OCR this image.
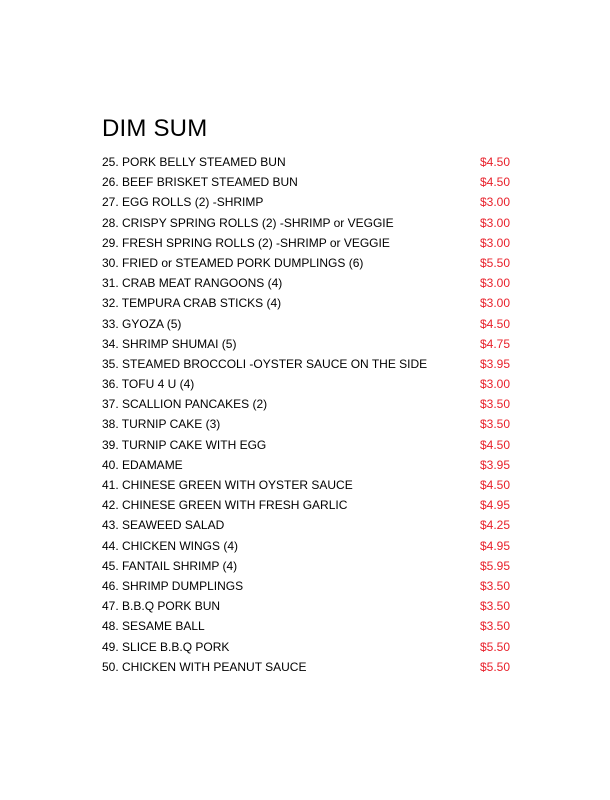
DIM SUM
25. PORK BELLY STEAMED BUN	$4.50
26. BEEF BRISKET STEAMED BUN	$4.50
27. EGG ROLLS (2) -SHRIMP	$3.00
28. CRISPY SPRING ROLLS (2) -SHRIMP or VEGGIE	$3.00
29. FRESH SPRING ROLLS (2) -SHRIMP or VEGGIE	$3.00
30. FRIED or STEAMED PORK DUMPLINGS (6)	$5.50
31. CRAB MEAT RANGOONS (4)	$3.00
32. TEMPURA CRAB STICKS (4)	$3.00
33. GYOZA (5)	$4.50
34. SHRIMP SHUMAI (5)	$4.75
35. STEAMED BROCCOLI -OYSTER SAUCE ON THE SIDE	$3.95
36. TOFU 4 U (4)	$3.00
37. SCALLION PANCAKES (2)	$3.50
38. TURNIP CAKE (3)	$3.50
39. TURNIP CAKE WITH EGG	$4.50
40. EDAMAME	$3.95
41. CHINESE GREEN WITH OYSTER SAUCE	$4.50
42. CHINESE GREEN WITH FRESH GARLIC	$4.95
43. SEAWEED SALAD	$4.25
44. CHICKEN WINGS (4)	$4.95
45. FANTAIL SHRIMP (4)	$5.95
46. SHRIMP DUMPLINGS	$3.50
47. B.B.Q PORK BUN	$3.50
48. SESAME BALL	$3.50
49. SLICE B.B.Q PORK	$5.50
50. CHICKEN WITH PEANUT SAUCE	$5.50
